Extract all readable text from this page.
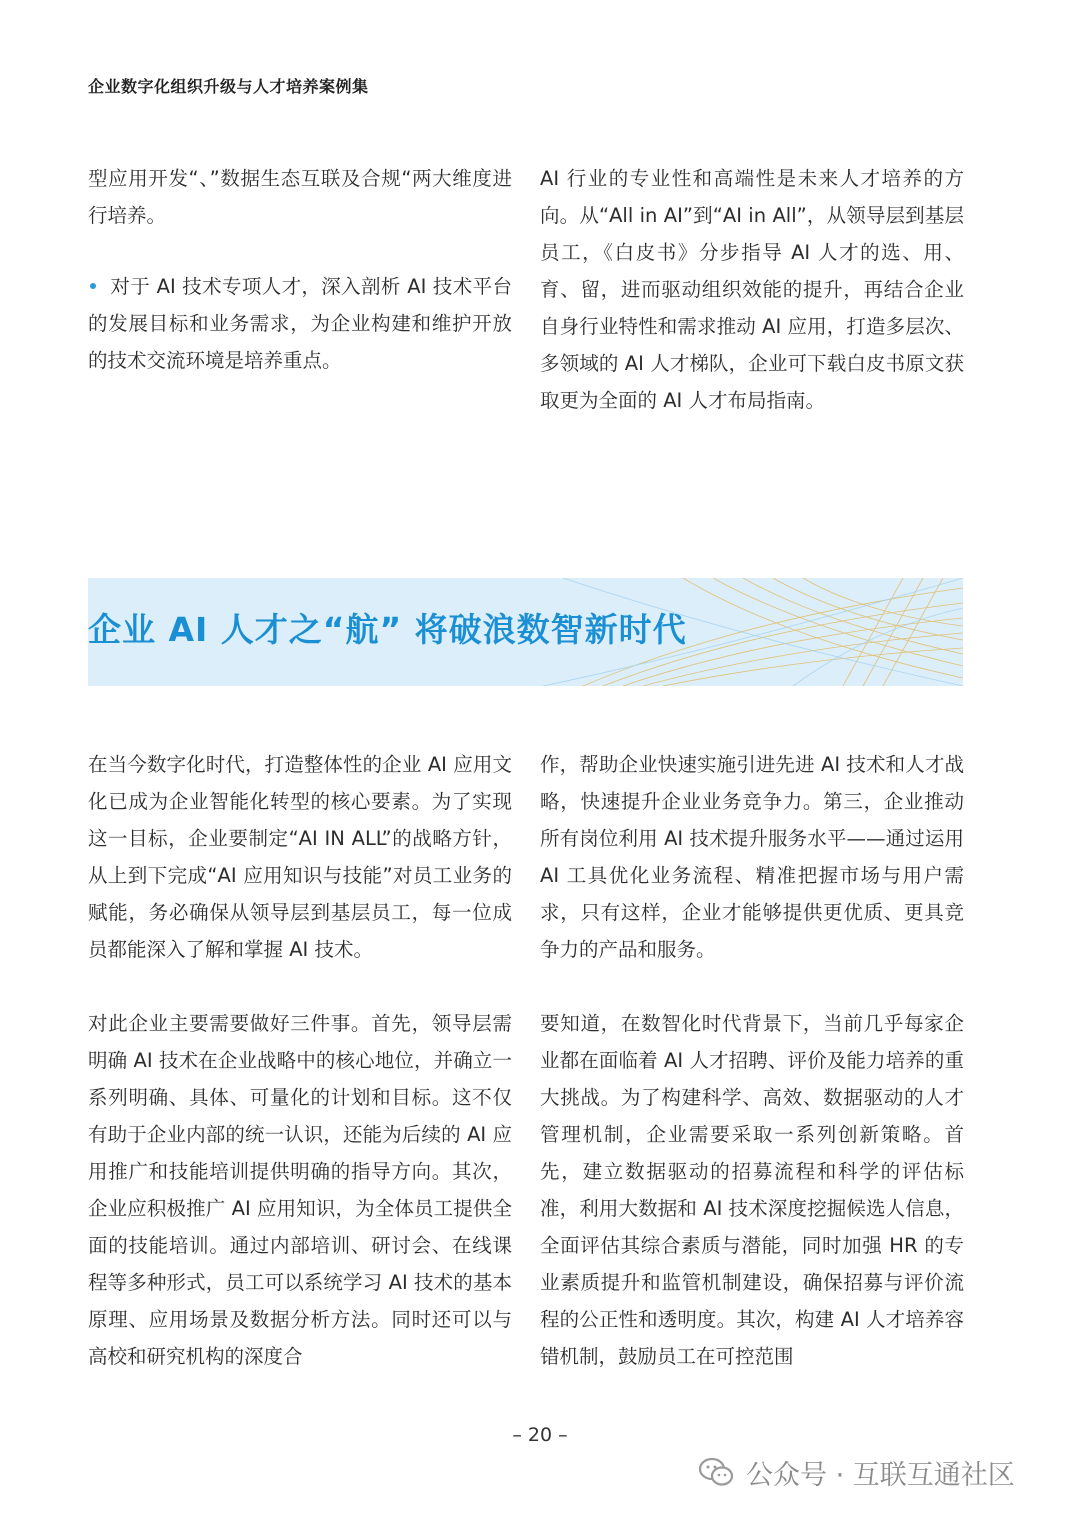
企业数字化组织升级与人才培养案例集

型应用开发“、”数据生态互联及合规“两大维度进行培养。

对于 AI 技术专项人才，深入剖析 AI 技术平台的发展目标和业务需求，为企业构建和维护开放的技术交流环境是培养重点。

AI 行业的专业性和高端性是未来人才培养的方向。从“All in AI”到“AI in All”，从领导层到基层员工，《白皮书》分步指导 AI 人才的选、用、育、留，进而驱动组织效能的提升，再结合企业自身行业特性和需求推动 AI 应用，打造多层次、多领域的 AI 人才梯队，企业可下载白皮书原文获取更为全面的 AI 人才布局指南。

企业 AI 人才之“航” 将破浪数智新时代

在当今数字化时代，打造整体性的企业 AI 应用文化已成为企业智能化转型的核心要素。为了实现这一目标，企业要制定“AI IN ALL”的战略方针，从上到下完成“AI 应用知识与技能”对员工业务的赋能，务必确保从领导层到基层员工，每一位成员都能深入了解和掌握 AI 技术。

对此企业主要需要做好三件事。首先，领导层需明确 AI 技术在企业战略中的核心地位，并确立一系列明确、具体、可量化的计划和目标。这不仅有助于企业内部的统一认识，还能为后续的 AI 应用推广和技能培训提供明确的指导方向。其次，企业应积极推广 AI 应用知识，为全体员工提供全面的技能培训。通过内部培训、研讨会、在线课程等多种形式，员工可以系统学习 AI 技术的基本原理、应用场景及数据分析方法。同时还可以与高校和研究机构的深度合

作，帮助企业快速实施引进先进 AI 技术和人才战略，快速提升企业业务竞争力。第三，企业推动所有岗位利用 AI 技术提升服务水平——通过运用 AI 工具优化业务流程、精准把握市场与用户需求，只有这样，企业才能够提供更优质、更具竞争力的产品和服务。

要知道，在数智化时代背景下，当前几乎每家企业都在面临着 AI 人才招聘、评价及能力培养的重大挑战。为了构建科学、高效、数据驱动的人才管理机制，企业需要采取一系列创新策略。首先，建立数据驱动的招募流程和科学的评估标准，利用大数据和 AI 技术深度挖掘候选人信息，全面评估其综合素质与潜能，同时加强 HR 的专业素质提升和监管机制建设，确保招募与评价流程的公正性和透明度。其次，构建 AI 人才培养容错机制，鼓励员工在可控范围

– 20 –
公众号 · 互联互通社区
